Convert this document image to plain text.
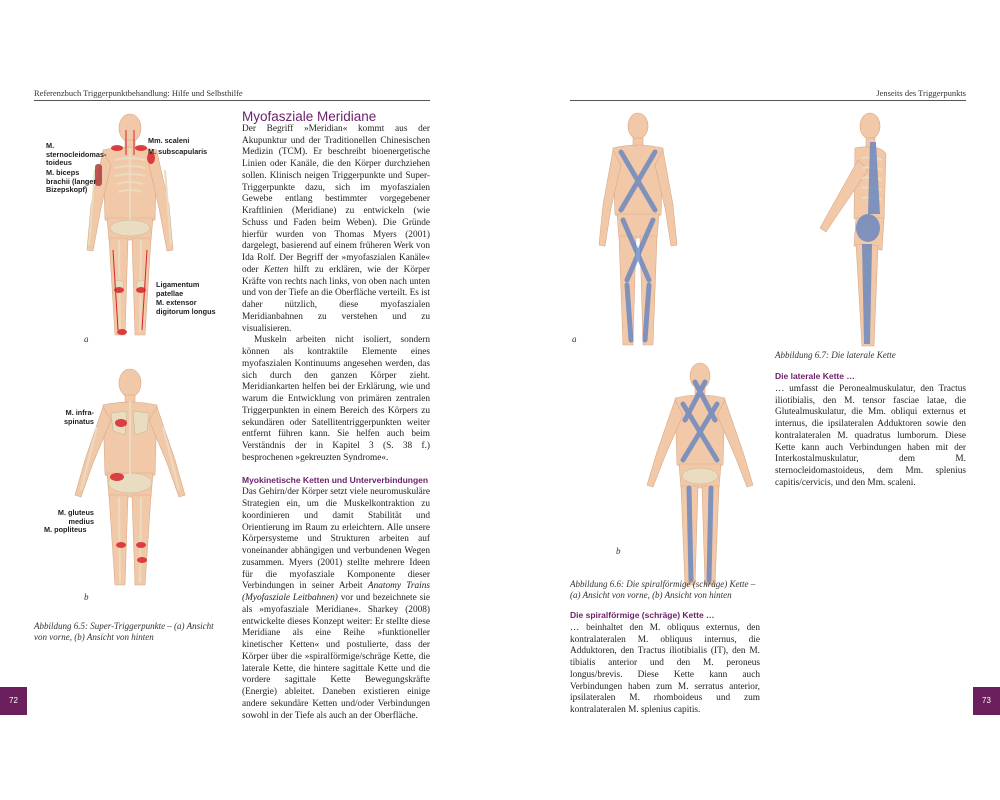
Referenzbuch Triggerpunktbehandlung: Hilfe und Selbsthilfe
M. sternocleidomas-toideus
Mm. scaleni
M. subscapularis
M. biceps brachii (langer Bizepskopf)
Ligamentum patellae
M. extensor digitorum longus
M. infra-spinatus
M. gluteus medius
M. popliteus
a
b
Abbildung 6.5: Super-Triggerpunkte – (a) Ansicht von vorne, (b) Ansicht von hinten
Myofasziale Meridiane

Der Begriff »Meridian« kommt aus der Akupunktur und der Traditionellen Chinesischen Medizin (TCM). Er beschreibt bioenergetische Linien oder Kanäle, die den Körper durchziehen sollen. Klinisch neigen Triggerpunkte und Super-Triggerpunkte dazu, sich im myofaszialen Gewebe entlang bestimmter vorgegebener Kraftlinien (Meridiane) zu entwickeln (wie Schuss und Faden beim Weben). Die Gründe hierfür wurden von Thomas Myers (2001) dargelegt, basierend auf einem früheren Werk von Ida Rolf. Der Begriff der »myofaszialen Kanäle« oder Ketten hilft zu erklären, wie der Körper Kräfte von rechts nach links, von oben nach unten und von der Tiefe an die Oberfläche verteilt. Es ist daher nützlich, diese myofaszialen Meridianbahnen zu verstehen und zu visualisieren.

Muskeln arbeiten nicht isoliert, sondern können als kontraktile Elemente eines myofaszialen Kontinuums angesehen werden, das sich durch den ganzen Körper zieht. Meridiankarten helfen bei der Erklärung, wie und warum die Entwicklung von primären zentralen Triggerpunkten in einem Bereich des Körpers zu sekundären oder Satellitentriggerpunkten weiter entfernt führen kann. Sie helfen auch beim Verständnis der in Kapitel 3 (S. 38 f.) besprochenen »gekreuzten Syndrome«.

Myokinetische Ketten und Unterverbindungen

Das Gehirn/der Körper setzt viele neuromuskuläre Strategien ein, um die Muskelkontraktion zu koordinieren und damit Stabilität und Orientierung im Raum zu erleichtern. Alle unsere Körpersysteme und Strukturen arbeiten auf voneinander abhängigen und verbundenen Wegen zusammen. Myers (2001) stellte mehrere Ideen für die myofasziale Komponente dieser Verbindungen in seiner Arbeit Anatomy Trains (Myofasziale Leitbahnen) vor und bezeichnete sie als »myofasziale Meridiane«. Sharkey (2008) entwickelte dieses Konzept weiter: Er stellte diese Meridiane als eine Reihe »funktioneller kinetischer Ketten« und postulierte, dass der Körper über die »spiralförmige/schräge Kette, die laterale Kette, die hintere sagittale Kette und die vordere sagittale Kette Bewegungskräfte (Energie) ableitet. Daneben existieren einige andere sekundäre Ketten und/oder Verbindungen sowohl in der Tiefe als auch an der Oberfläche.

72
Jenseits des Triggerpunkts
a
b
Abbildung 6.7: Die laterale Kette
Die laterale Kette …

… umfasst die Peronealmuskulatur, den Tractus iliotibialis, den M. tensor fasciae latae, die Glutealmuskulatur, die Mm. obliqui externus et internus, die ipsilateralen Adduktoren sowie den kontralateralen M. quadratus lumborum. Diese Kette kann auch Verbindungen haben mit der Interkostalmuskulatur, dem M. sternocleidomastoideus, dem Mm. splenius capitis/cervicis, und den Mm. scaleni.

Abbildung 6.6: Die spiralförmige (schräge) Kette – (a) Ansicht von vorne, (b) Ansicht von hinten
Die spiralförmige (schräge) Kette …

… beinhaltet den M. obliquus externus, den kontralateralen M. obliquus internus, die Adduktoren, den Tractus iliotibialis (IT), den M. tibialis anterior und den M. peroneus longus/brevis. Diese Kette kann auch Verbindungen haben zum M. serratus anterior, ipsilateralen M. rhomboideus und zum kontralateralen M. splenius capitis.

73
